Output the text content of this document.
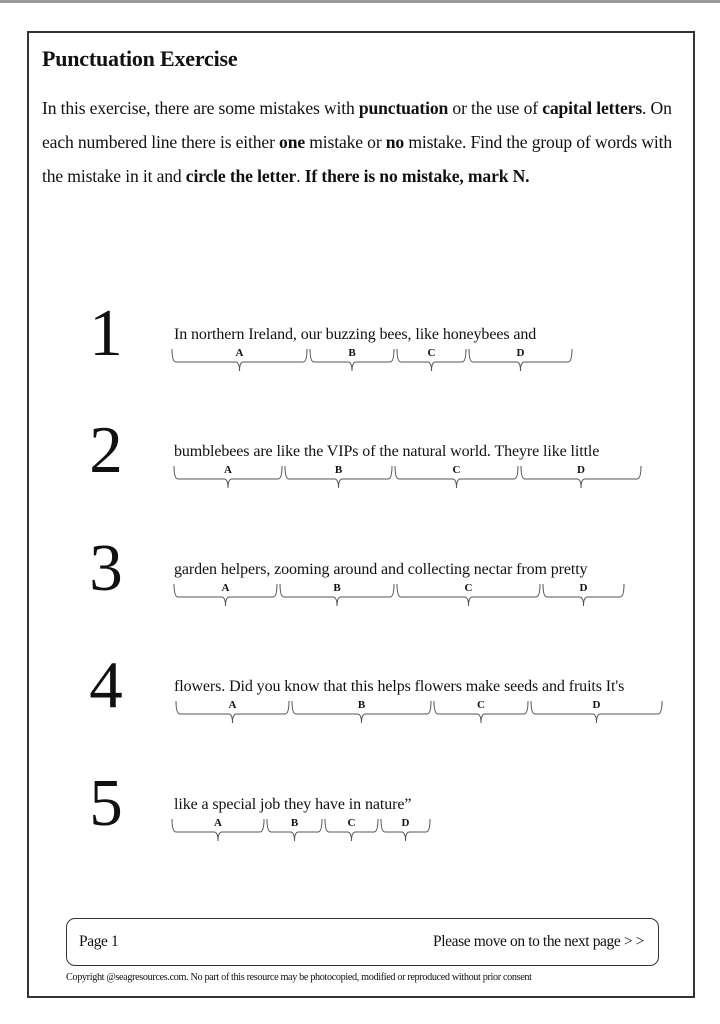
Punctuation Exercise

In this exercise, there are some mistakes with punctuation or the use of capital letters. On each numbered line there is either one mistake or no mistake. Find the group of words with the mistake in it and circle the letter. If there is no mistake, mark N.

1	In northern Ireland, our buzzing bees, like honeybees and
A	B	C	D
2	bumblebees are like the VIPs of the natural world. Theyre like little
A	B	C	D
3	garden helpers, zooming around and collecting nectar from pretty
A	B	C	D
4	flowers. Did you know that this helps flowers make seeds and fruits It's
A	B	C	D
5	like a special job they have in nature”
A	B	C	D
Page 1	Please move on to the next page > >
Copyright @seagresources.com. No part of this resource may be photocopied, modified or reproduced without prior consent
